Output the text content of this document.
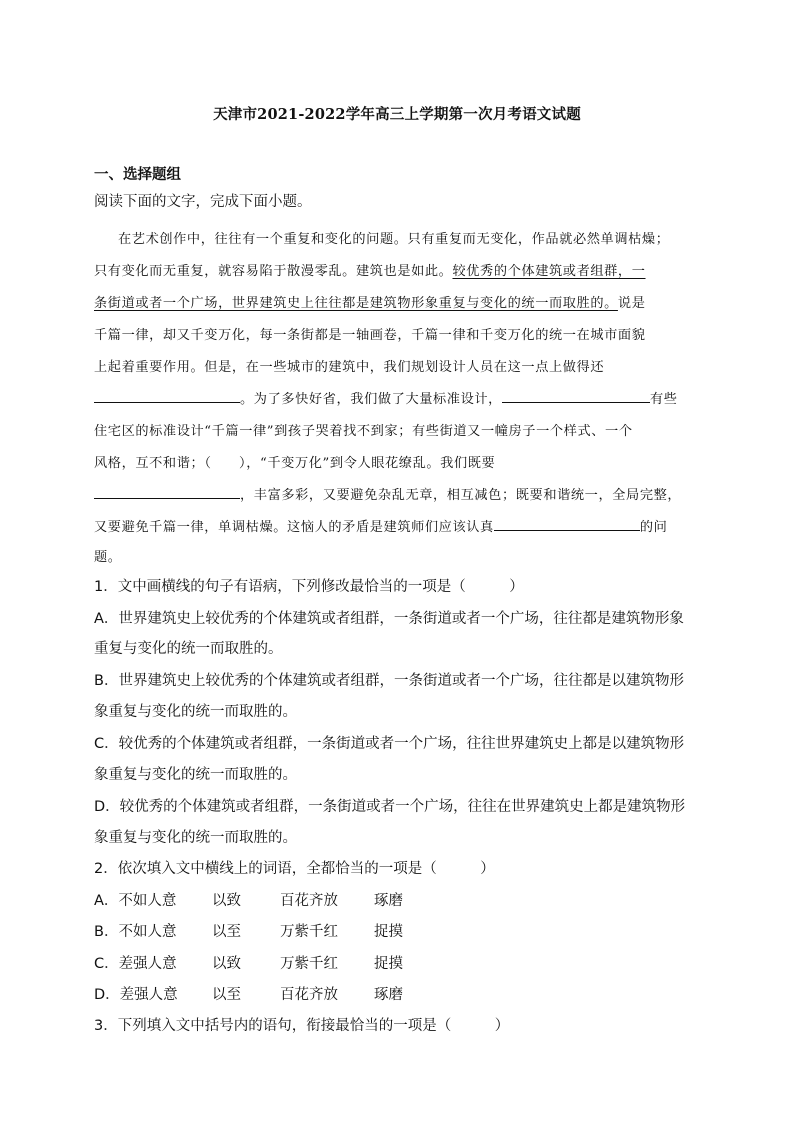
天津市2021-2022学年高三上学期第一次月考语文试题
一、选择题组
阅读下面的文字，完成下面小题。
在艺术创作中，往往有一个重复和变化的问题。只有重复而无变化，作品就必然单调枯燥；
只有变化而无重复，就容易陷于散漫零乱。建筑也是如此。较优秀的个体建筑或者组群，一
条街道或者一个广场，世界建筑史上往往都是建筑物形象重复与变化的统一而取胜的。说是
千篇一律，却又千变万化，每一条街都是一轴画卷，千篇一律和千变万化的统一在城市面貌
上起着重要作用。但是，在一些城市的建筑中，我们规划设计人员在这一点上做得还
。为了多快好省，我们做了大量标准设计，	有些
住宅区的标准设计“千篇一律”到孩子哭着找不到家；有些街道又一幢房子一个样式、一个
风格，互不和谐；（　　），“千变万化”到令人眼花缭乱。我们既要
，丰富多彩，又要避免杂乱无章，相互减色；既要和谐统一，全局完整，
又要避免千篇一律，单调枯燥。这恼人的矛盾是建筑师们应该认真	的问
题。
1．文中画横线的句子有语病，下列修改最恰当的一项是（　　　）
A．世界建筑史上较优秀的个体建筑或者组群，一条街道或者一个广场，往往都是建筑物形象
重复与变化的统一而取胜的。
B．世界建筑史上较优秀的个体建筑或者组群，一条街道或者一个广场，往往都是以建筑物形
象重复与变化的统一而取胜的。
C．较优秀的个体建筑或者组群，一条街道或者一个广场，往往世界建筑史上都是以建筑物形
象重复与变化的统一而取胜的。
D．较优秀的个体建筑或者组群，一条街道或者一个广场，往往在世界建筑史上都是建筑物形
象重复与变化的统一而取胜的。
2．依次填入文中横线上的词语，全都恰当的一项是（　　　）
A．不如人意 以致	百花齐放 琢磨
B．不如人意 以至	万紫千红 捉摸
C．差强人意 以致	万紫千红 捉摸
D．差强人意 以至	百花齐放 琢磨
3．下列填入文中括号内的语句，衔接最恰当的一项是（　　　）
